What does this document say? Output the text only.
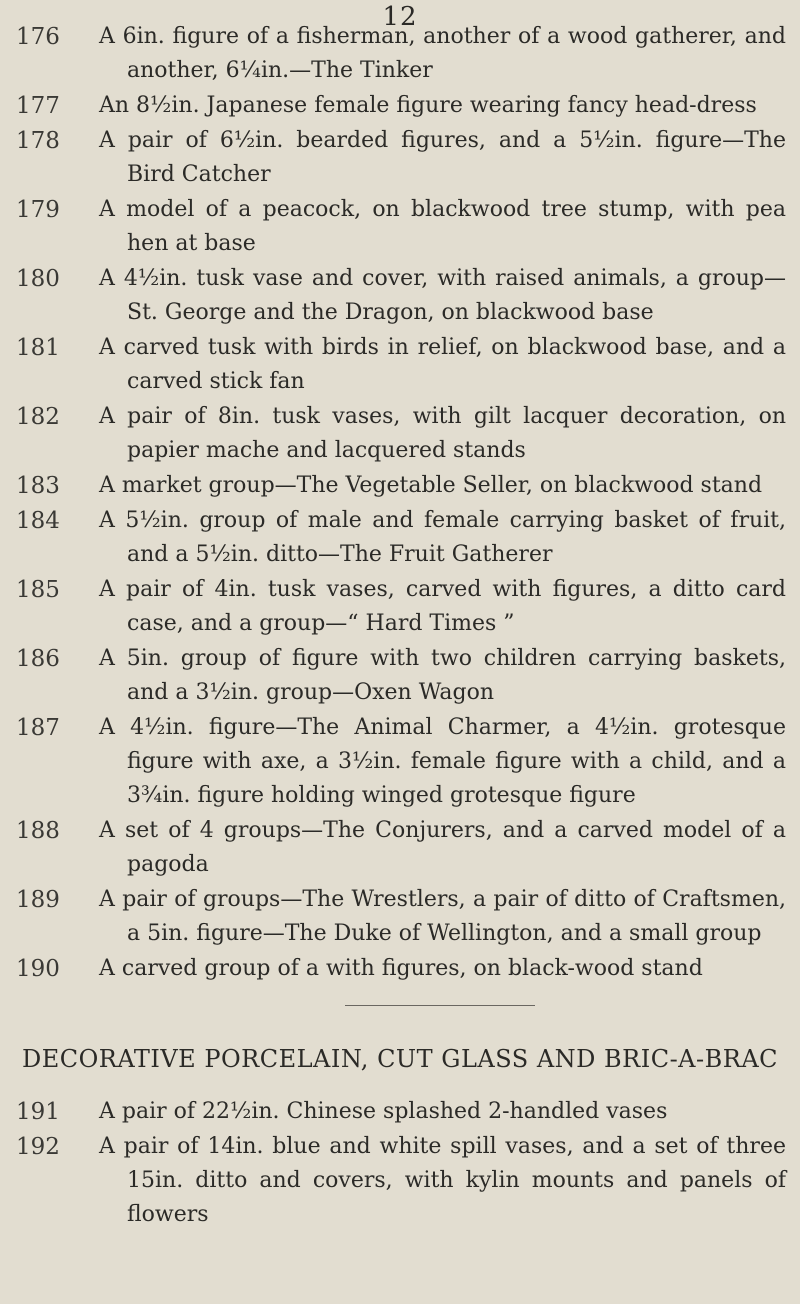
12
176	A 6in. figure of a fisherman, another of a wood gatherer, and another, 6¼in.—The Tinker
177	An 8½in. Japanese female figure wearing fancy head-dress
178	A pair of 6½in. bearded figures, and a 5½in. figure—The Bird Catcher
179	A model of a peacock, on blackwood tree stump, with pea hen at base
180	A 4½in. tusk vase and cover, with raised animals, a group—St. George and the Dragon, on blackwood base
181	A carved tusk with birds in relief, on blackwood base, and a carved stick fan
182	A pair of 8in. tusk vases, with gilt lacquer decoration, on papier mache and lacquered stands
183	A market group—The Vegetable Seller, on blackwood stand
184	A 5½in. group of male and female carrying basket of fruit, and a 5½in. ditto—The Fruit Gatherer
185	A pair of 4in. tusk vases, carved with figures, a ditto card case, and a group—“ Hard Times ”
186	A 5in. group of figure with two children carrying baskets, and a 3½in. group—Oxen Wagon
187	A 4½in. figure—The Animal Charmer, a 4½in. grotesque figure with axe, a 3½in. female figure with a child, and a 3¾in. figure holding winged grotesque figure
188	A set of 4 groups—The Conjurers, and a carved model of a pagoda
189	A pair of groups—The Wrestlers, a pair of ditto of Craftsmen, a 5in. figure—The Duke of Wellington, and a small group
190	A carved group of a with figures, on black-wood stand
DECORATIVE PORCELAIN, CUT GLASS AND BRIC-A-BRAC
191	A pair of 22½in. Chinese splashed 2-handled vases
192	A pair of 14in. blue and white spill vases, and a set of three 15in. ditto and covers, with kylin mounts and panels of flowers
